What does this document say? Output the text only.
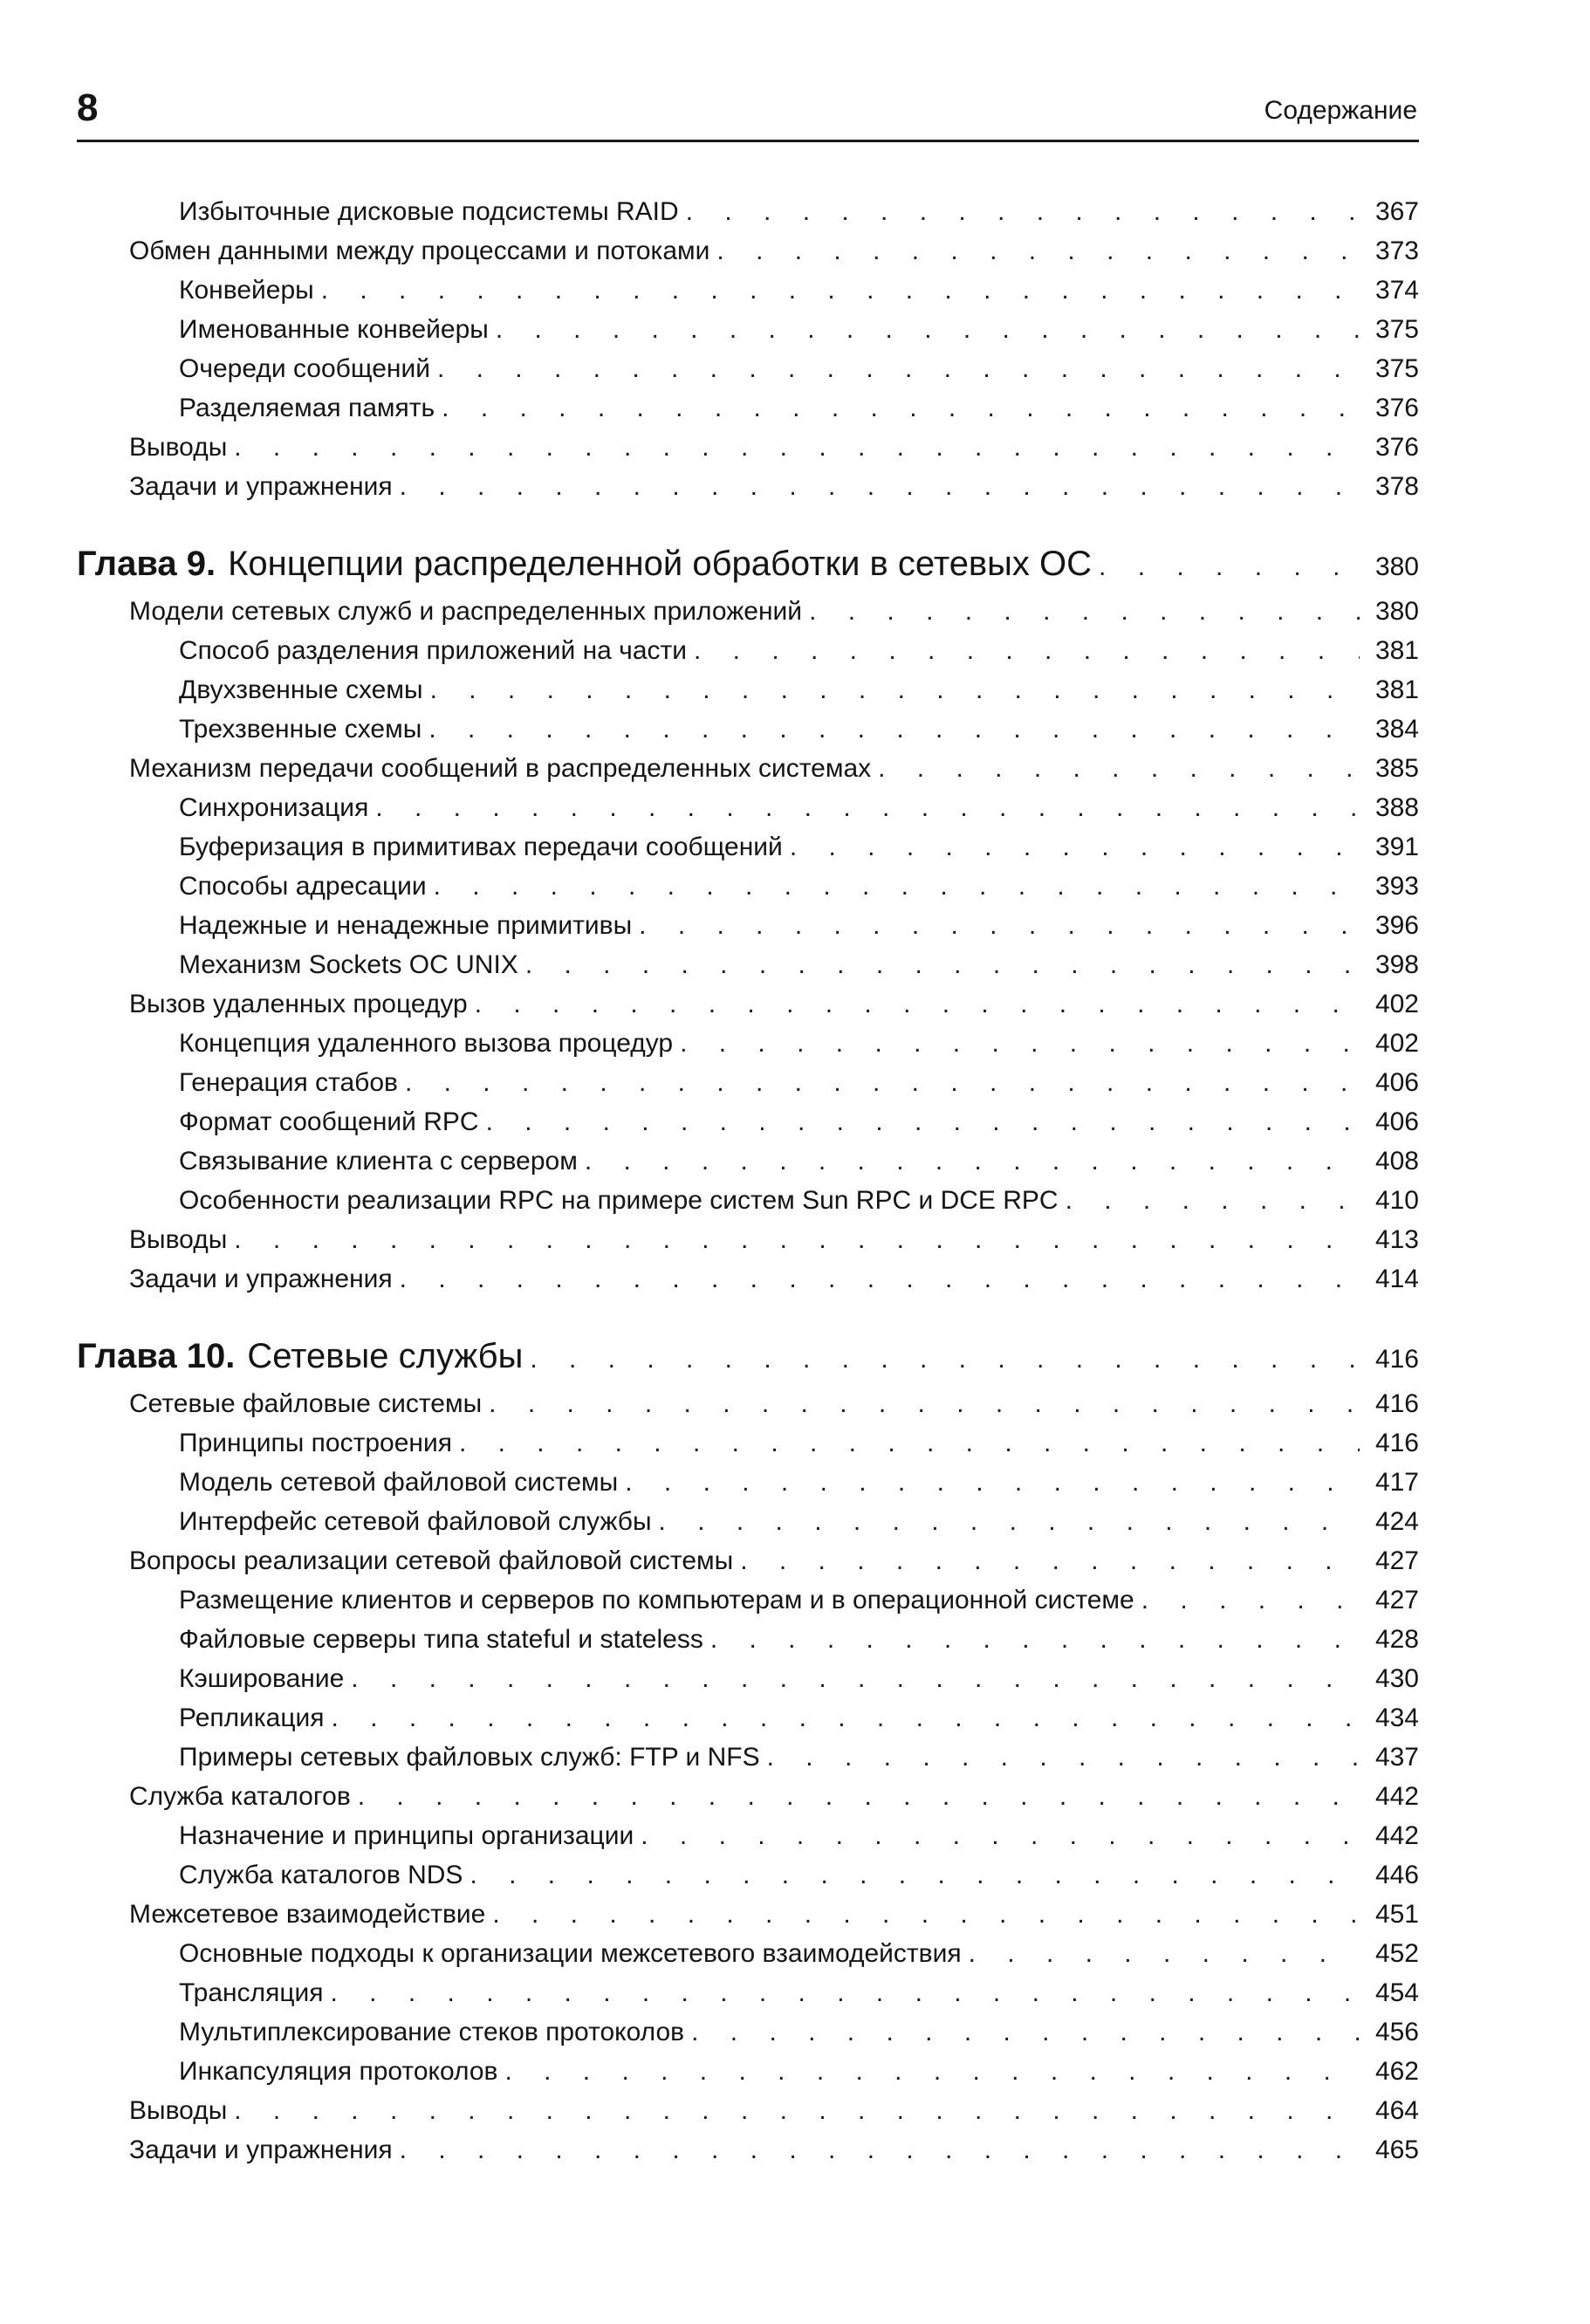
8	Содержание
Избыточные дисковые подсистемы RAID . . .	367
Обмен данными между процессами и потоками . . .	373
Конвейеры . . .	374
Именованные конвейеры . . .	375
Очереди сообщений . . .	375
Разделяемая память . . .	376
Выводы . . .	376
Задачи и упражнения . . .	378
Глава 9. Концепции распределенной обработки в сетевых ОС . . .	380
Модели сетевых служб и распределенных приложений . . .	380
Способ разделения приложений на части . . .	381
Двухзвенные схемы . . .	381
Трехзвенные схемы . . .	384
Механизм передачи сообщений в распределенных системах . . .	385
Синхронизация . . .	388
Буферизация в примитивах передачи сообщений . . .	391
Способы адресации . . .	393
Надежные и ненадежные примитивы . . .	396
Механизм Sockets ОС UNIX . . .	398
Вызов удаленных процедур . . .	402
Концепция удаленного вызова процедур . . .	402
Генерация стабов . . .	406
Формат сообщений RPC . . .	406
Связывание клиента с сервером . . .	408
Особенности реализации RPC на примере систем Sun RPC и DCE RPC . . .	410
Выводы . . .	413
Задачи и упражнения . . .	414
Глава 10. Сетевые службы . . .	416
Сетевые файловые системы . . .	416
Принципы построения . . .	416
Модель сетевой файловой системы . . .	417
Интерфейс сетевой файловой службы . . .	424
Вопросы реализации сетевой файловой системы . . .	427
Размещение клиентов и серверов по компьютерам и в операционной системе . . .	427
Файловые серверы типа stateful и stateless . . .	428
Кэширование . . .	430
Репликация . . .	434
Примеры сетевых файловых служб: FTP и NFS . . .	437
Служба каталогов . . .	442
Назначение и принципы организации . . .	442
Служба каталогов NDS . . .	446
Межсетевое взаимодействие . . .	451
Основные подходы к организации межсетевого взаимодействия . . .	452
Трансляция . . .	454
Мультиплексирование стеков протоколов . . .	456
Инкапсуляция протоколов . . .	462
Выводы . . .	464
Задачи и упражнения . . .	465
